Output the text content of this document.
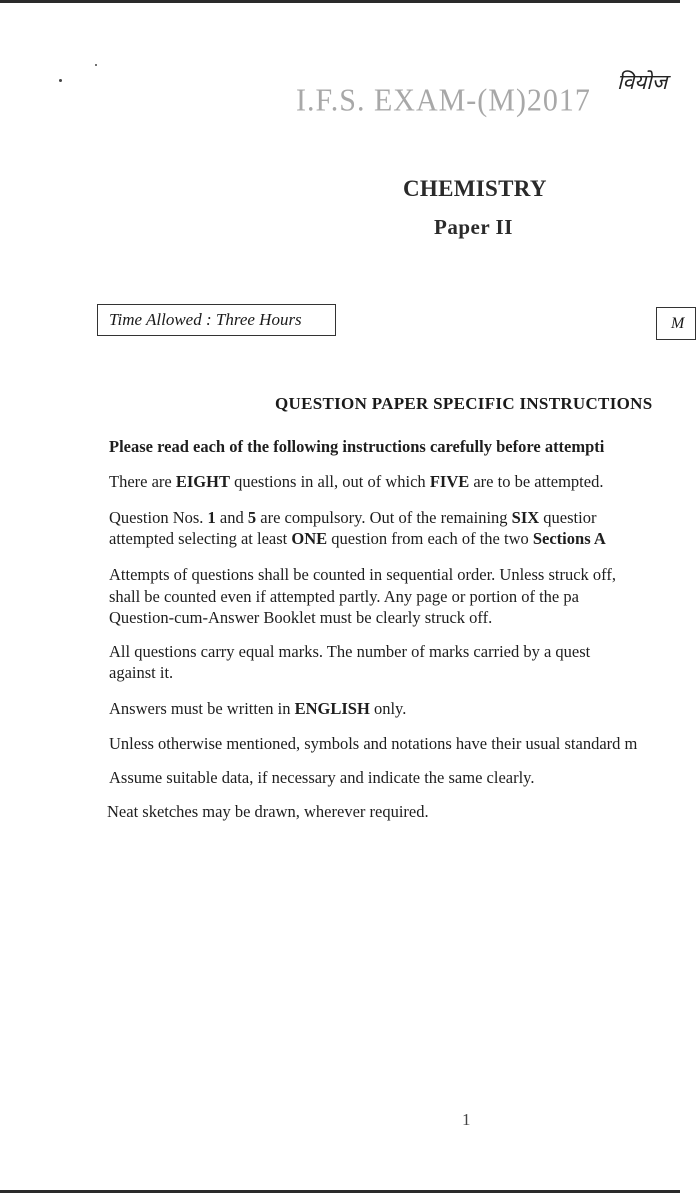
I.F.S. EXAM-(M)2017
वियोज
CHEMISTRY
Paper II
Time Allowed : Three Hours	M
QUESTION PAPER SPECIFIC INSTRUCTIONS
Please read each of the following instructions carefully before attempti
There are EIGHT questions in all, out of which FIVE are to be attempted.
Question Nos. 1 and 5 are compulsory. Out of the remaining SIX questior
attempted selecting at least ONE question from each of the two Sections A
Attempts of questions shall be counted in sequential order. Unless struck off,
shall be counted even if attempted partly. Any page or portion of the pa
Question-cum-Answer Booklet must be clearly struck off.
All questions carry equal marks. The number of marks carried by a quest
against it.
Answers must be written in ENGLISH only.
Unless otherwise mentioned, symbols and notations have their usual standard m
Assume suitable data, if necessary and indicate the same clearly.
Neat sketches may be drawn, wherever required.
1
